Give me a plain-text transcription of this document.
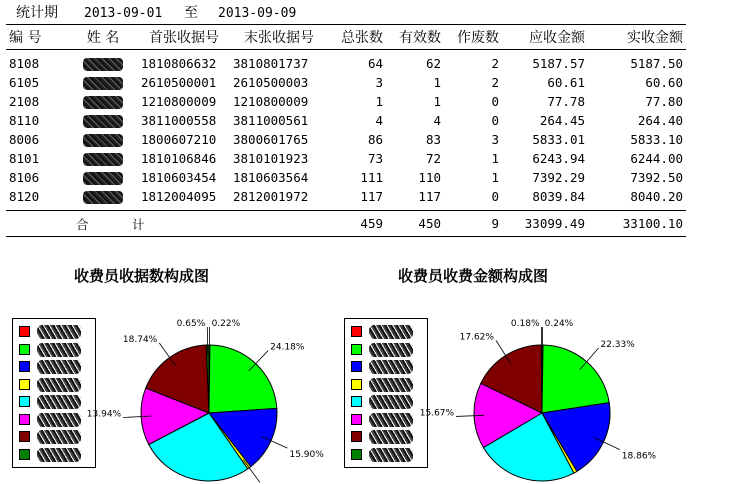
统计期 2013-09-01 至 2013-09-09
编 号	姓 名	首张收据号	末张收据号	总张数	有效数	作废数	应收金额	实收金额
8108		1810806632	3810801737	64	62	2	5187.57	5187.50
6105		2610500001	2610500003	3	1	2	60.61	60.60
2108		1210800009	1210800009	1	1	0	77.78	77.80
8110		3811000558	3811000561	4	4	0	264.45	264.40
8006		1800607210	3800601765	86	83	3	5833.01	5833.10
8101		1810106846	3810101923	73	72	1	6243.94	6244.00
8106		1810603454	1810603564	111	110	1	7392.29	7392.50
8120		1812004095	2812001972	117	117	0	8039.84	8040.20
合 计				459	450	9	33099.49	33100.10
收费员收据数构成图	收费员收费金额构成图
0.22%
24.18%
15.90%
13.94%
18.74%
0.65%	0.24%
22.33%
18.86%
15.67%
17.62%
0.18%
